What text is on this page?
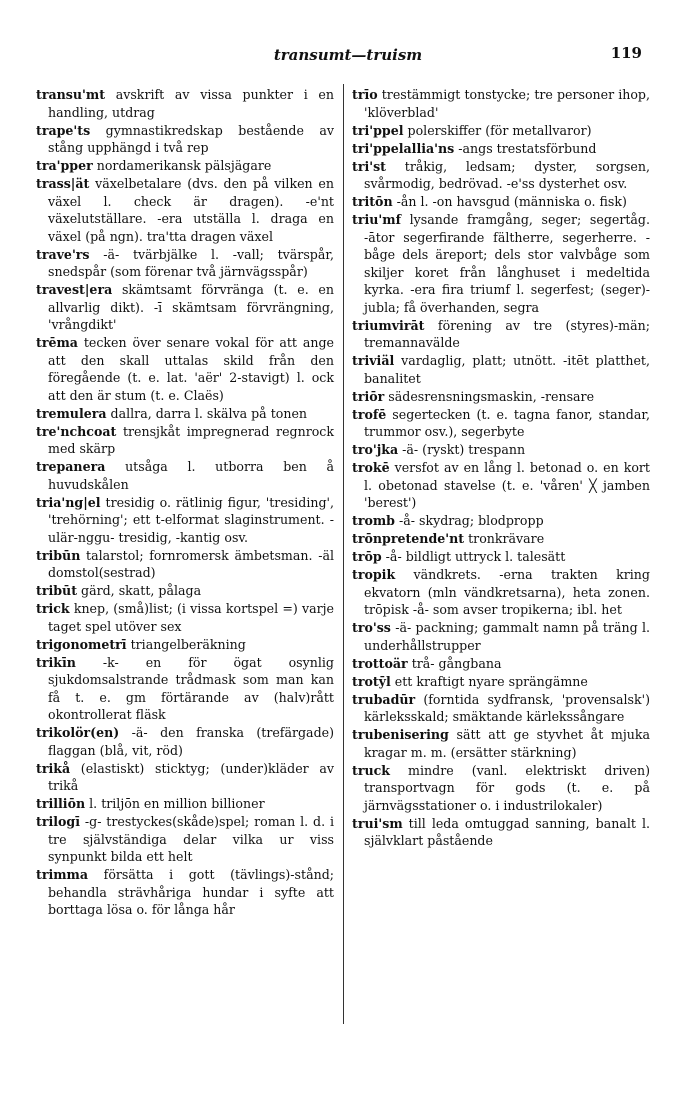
transumt—truism	119

transu'mt avskrift av vissa punkter i en handling, utdrag

trape'ts gymnastikredskap bestående av stång upphängd i två rep

tra'pper nordamerikansk pälsjägare

trass|ät växelbetalare (dvs. den på vilken en växel l. check är dragen). -e'nt växelutställare. -era utställa l. draga en växel (på ngn). tra'tta dragen växel

trave'rs -ä- tvärbjälke l. -vall; tvärspår, snedspår (som förenar två järnvägsspår)

travest|era skämtsamt förvränga (t. e. en allvarlig dikt). -ī skämtsam förvrängning, 'vrångdikt'

trēma tecken över senare vokal för att ange att den skall uttalas skild från den föregående (t. e. lat. 'aër' 2-stavigt) l. ock att den är stum (t. e. Claës)

tremulera dallra, darra l. skälva på tonen

tre'nchcoat trensjkåt impregnerad regnrock med skärp

trepanera utsåga l. utborra ben å huvudskålen

tria'ng|el tresidig o. rätlinig figur, 'tresiding', 'trehörning'; ett t-elformat slaginstrument. -ulär-nggu- tresidig, -kantig osv.

tribūn talarstol; fornromersk ämbetsman. -äl domstol(sestrad)

tribūt gärd, skatt, pålaga

trick knep, (små)list; (i vissa kortspel =) varje taget spel utöver sex

trigonometrī triangelberäkning

trikīn -k- en för ögat osynlig sjukdomsalstrande trådmask som man kan få t. e. gm förtärande av (halv)rått okontrollerat fläsk

trikolör(en) -ä- den franska (trefärgade) flaggan (blå, vit, röd)

trikå (elastiskt) sticktyg; (under)kläder av trikå

trilliōn l. triljōn en million billioner

trilogī -g- trestyckes(skåde)spel; roman l. d. i tre självständiga delar vilka ur viss synpunkt bilda ett helt

trimma försätta i gott (tävlings)-stånd; behandla strävhåriga hundar i syfte att borttaga lösa o. för långa hår

trīo trestämmigt tonstycke; tre personer ihop, 'klöverblad'

tri'ppel polerskiffer (för metallvaror)

tri'ppelallia'ns -angs trestatsförbund

tri'st tråkig, ledsam; dyster, sorgsen, svårmodig, bedrövad. -e'ss dysterhet osv.

tritōn -ån l. -on havsgud (människa o. fisk)

triu'mf lysande framgång, seger; segertåg. -ātor segerfirande fältherre, segerherre. -båge dels äreport; dels stor valvbåge som skiljer koret från långhuset i medeltida kyrka. -era fira triumf l. segerfest; (seger)-jubla; få överhanden, segra

triumvirāt förening av tre (styres)-män; tremannavälde

triviäl vardaglig, platt; utnött. -itēt platthet, banalitet

triōr sädesrensningsmaskin, -rensare

trofē segertecken (t. e. tagna fanor, standar, trummor osv.), segerbyte

tro'jka -ä- (ryskt) trespann

trokē versfot av en lång l. betonad o. en kort l. obetonad stavelse (t. e. 'våren' ╳ jamben 'berest')

tromb -å- skydrag; blodpropp

trōnpretende'nt tronkrävare

trōp -å- bildligt uttryck l. talesätt

tropik vändkrets. -erna trakten kring ekvatorn (mln vändkretsarna), heta zonen. trōpisk -å- som avser tropikerna; ibl. het

tro'ss -ä- packning; gammalt namn på träng l. underhållstrupper

trottoär trå- gångbana

trotȳl ett kraftigt nyare sprängämne

trubadūr (forntida sydfransk, 'provensalsk') kärleksskald; smäktande kärlekssångare

trubenisering sätt att ge styvhet åt mjuka kragar m. m. (ersätter stärkning)

truck mindre (vanl. elektriskt driven) transportvagn för gods (t. e. på järnvägsstationer o. i industrilokaler)

trui'sm till leda omtuggad sanning, banalt l. självklart påstående
